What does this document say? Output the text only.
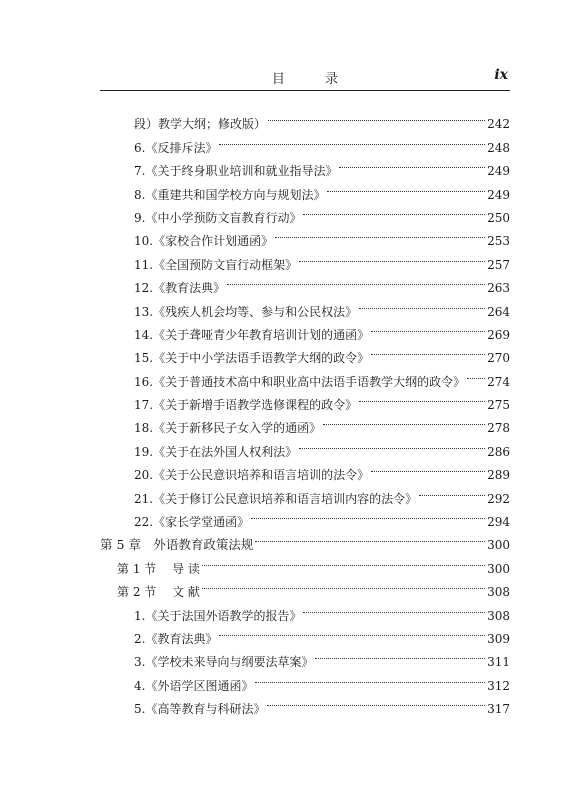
目 录	ix
段）教学大纲；修改版）	242
6.《反排斥法》	248
7.《关于终身职业培训和就业指导法》	249
8.《重建共和国学校方向与规划法》	249
9.《中小学预防文盲教育行动》	250
10.《家校合作计划通函》	253
11.《全国预防文盲行动框架》	257
12.《教育法典》	263
13.《残疾人机会均等、参与和公民权法》	264
14.《关于聋哑青少年教育培训计划的通函》	269
15.《关于中小学法语手语教学大纲的政令》	270
16.《关于普通技术高中和职业高中法语手语教学大纲的政令》 274
17.《关于新增手语教学选修课程的政令》	275
18.《关于新移民子女入学的通函》	278
19.《关于在法外国人权利法》	286
20.《关于公民意识培养和语言培训的法令》	289
21.《关于修订公民意识培养和语言培训内容的法令》	292
22.《家长学堂通函》	294
第 5 章　外语教育政策法规	300
第 1 节　 导 读	300
第 2 节　 文 献	308
1.《关于法国外语教学的报告》	308
2.《教育法典》	309
3.《学校未来导向与纲要法草案》	311
4.《外语学区图通函》	312
5.《高等教育与科研法》	317
